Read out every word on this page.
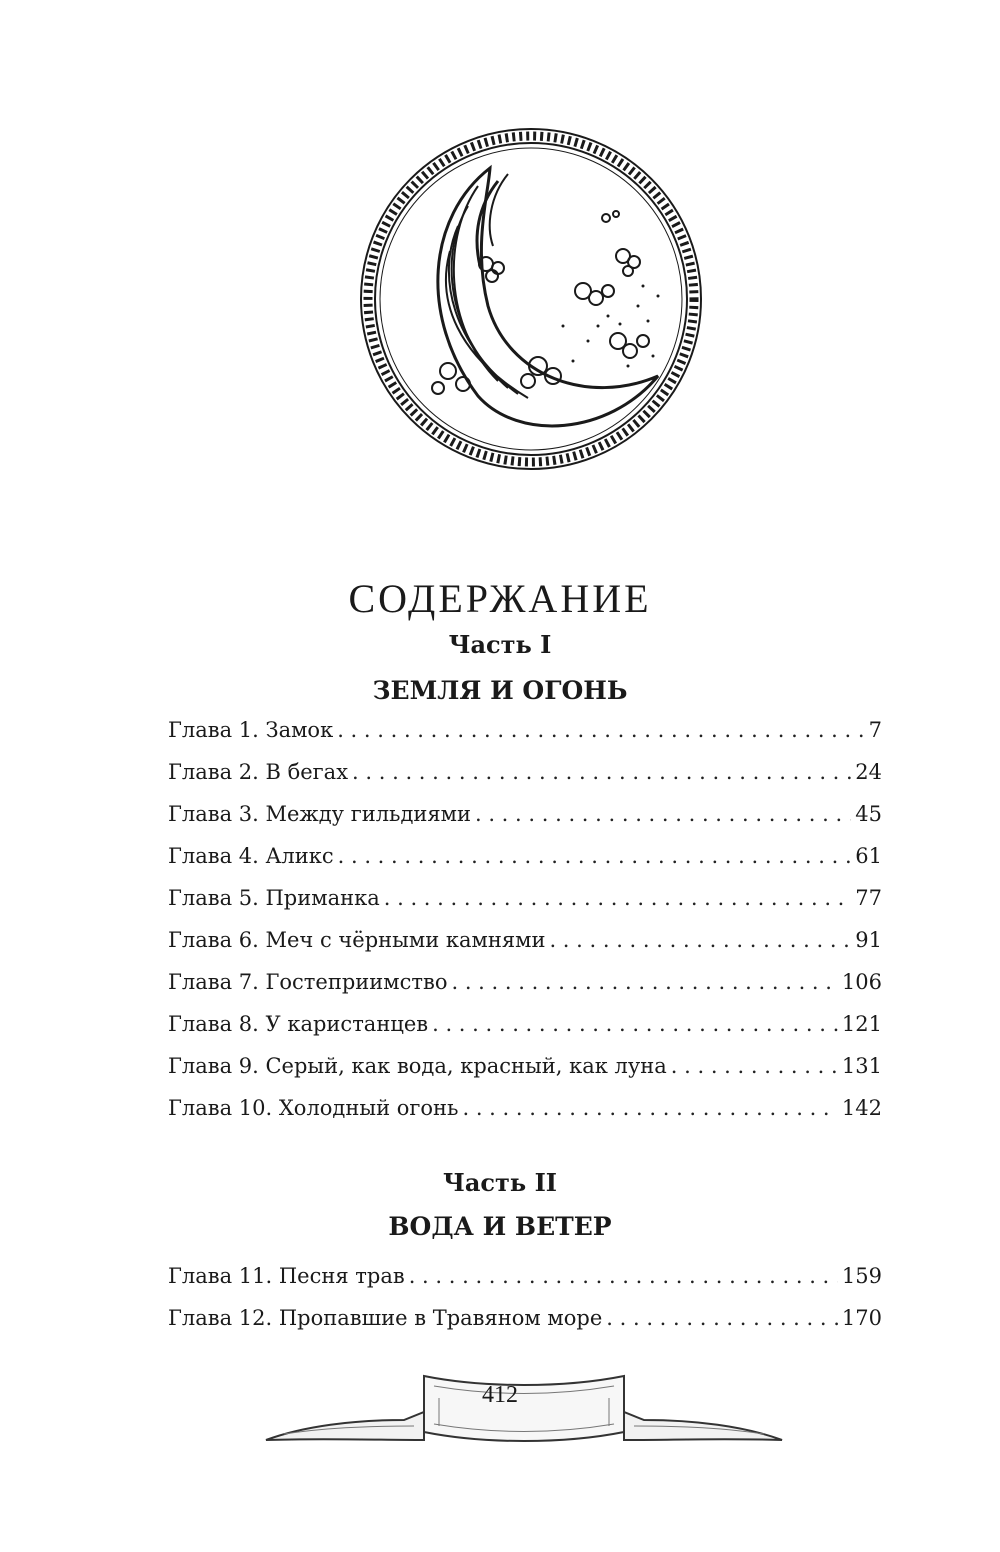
СОДЕРЖАНИЕ
Часть I
ЗЕМЛЯ И ОГОНЬ
Глава 1. Замок . . .	7
Глава 2. В бегах . . .	24
Глава 3. Между гильдиями . . .	45
Глава 4. Аликс . . .	61
Глава 5. Приманка . . .	77
Глава 6. Меч с чёрными камнями . . .	91
Глава 7. Гостеприимство . . .	106
Глава 8. У каристанцев . . .	121
Глава 9. Серый, как вода, красный, как луна . . .	131
Глава 10. Холодный огонь . . .	142
Часть II
ВОДА И ВЕТЕР
Глава 11. Песня трав . . .	159
Глава 12. Пропавшие в Травяном море . . .	170
412
